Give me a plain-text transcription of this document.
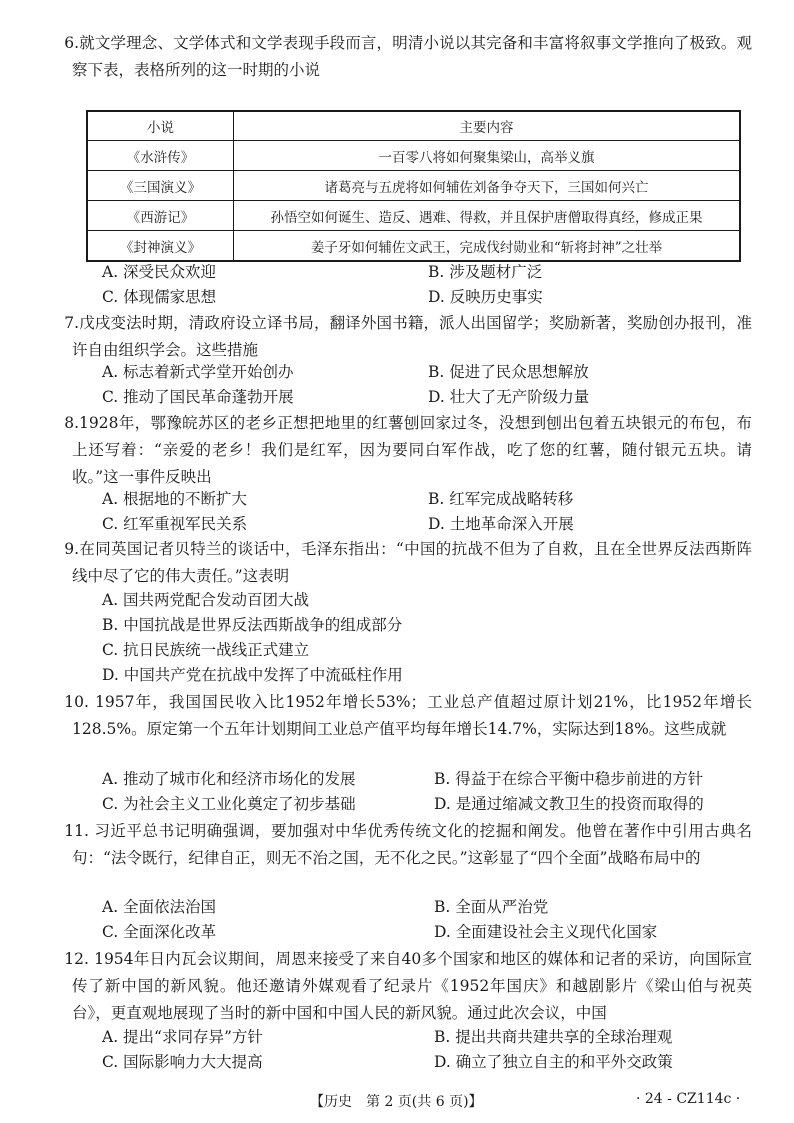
6.就文学理念、文学体式和文学表现手段而言，明清小说以其完备和丰富将叙事文学推向了极致。观察下表，表格所列的这一时期的小说
小说	主要内容
《水浒传》	一百零八将如何聚集梁山，高举义旗
《三国演义》	诸葛亮与五虎将如何辅佐刘备争夺天下，三国如何兴亡
《西游记》	孙悟空如何诞生、造反、遇难、得救，并且保护唐僧取得真经，修成正果
《封神演义》	姜子牙如何辅佐文武王，完成伐纣勋业和“斩将封神”之壮举
A. 深受民众欢迎	B. 涉及题材广泛
C. 体现儒家思想	D. 反映历史事实
7.戊戌变法时期，清政府设立译书局，翻译外国书籍，派人出国留学；奖励新著，奖励创办报刊，准许自由组织学会。这些措施
A. 标志着新式学堂开始创办	B. 促进了民众思想解放
C. 推动了国民革命蓬勃开展	D. 壮大了无产阶级力量
8.1928年，鄂豫皖苏区的老乡正想把地里的红薯刨回家过冬，没想到刨出包着五块银元的布包，布上还写着：“亲爱的老乡！我们是红军，因为要同白军作战，吃了您的红薯，随付银元五块。请收。”这一事件反映出
A. 根据地的不断扩大	B. 红军完成战略转移
C. 红军重视军民关系	D. 土地革命深入开展
9.在同英国记者贝特兰的谈话中，毛泽东指出：“中国的抗战不但为了自救，且在全世界反法西斯阵线中尽了它的伟大责任。”这表明
A. 国共两党配合发动百团大战
B. 中国抗战是世界反法西斯战争的组成部分
C. 抗日民族统一战线正式建立
D. 中国共产党在抗战中发挥了中流砥柱作用
10. 1957年，我国国民收入比1952年增长53%；工业总产值超过原计划21%，比1952年增长128.5%。原定第一个五年计划期间工业总产值平均每年增长14.7%，实际达到18%。这些成就
A. 推动了城市化和经济市场化的发展	B. 得益于在综合平衡中稳步前进的方针
C. 为社会主义工业化奠定了初步基础	D. 是通过缩减文教卫生的投资而取得的
11. 习近平总书记明确强调，要加强对中华优秀传统文化的挖掘和阐发。他曾在著作中引用古典名句：“法令既行，纪律自正，则无不治之国，无不化之民。”这彰显了“四个全面”战略布局中的
A. 全面依法治国	B. 全面从严治党
C. 全面深化改革	D. 全面建设社会主义现代化国家
12. 1954年日内瓦会议期间，周恩来接受了来自40多个国家和地区的媒体和记者的采访，向国际宣传了新中国的新风貌。他还邀请外媒观看了纪录片《1952年国庆》和越剧影片《梁山伯与祝英台》，更直观地展现了当时的新中国和中国人民的新风貌。通过此次会议，中国
A. 提出“求同存异”方针	B. 提出共商共建共享的全球治理观
C. 国际影响力大大提高	D. 确立了独立自主的和平外交政策
【历史　第 2 页(共 6 页)】	· 24 - CZ114c ·
